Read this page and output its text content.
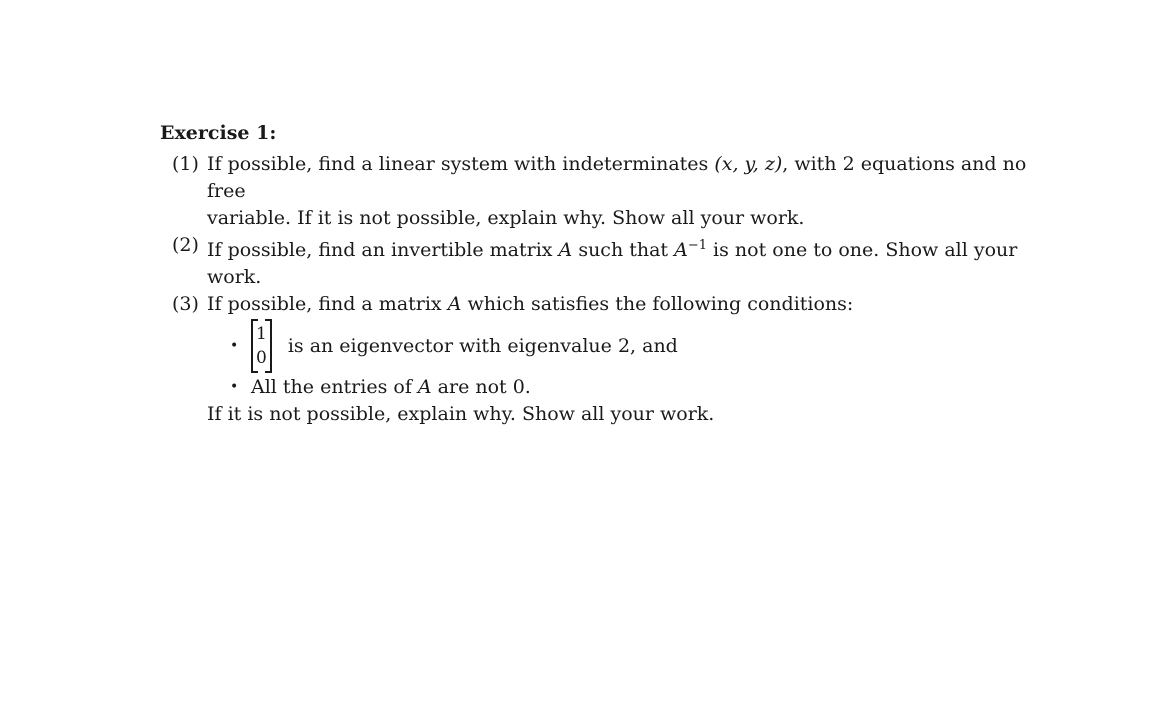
Exercise 1:
(1) If possible, find a linear system with indeterminates (x, y, z), with 2 equations and no free
variable. If it is not possible, explain why. Show all your work.
(2) If possible, find an invertible matrix A such that $A^{-1}$ is not one to one. Show all your work.
(3) If possible, find a matrix A which satisfies the following conditions:
•
1
0
is an eigenvector with eigenvalue 2, and
• All the entries of A are not 0.
If it is not possible, explain why. Show all your work.
